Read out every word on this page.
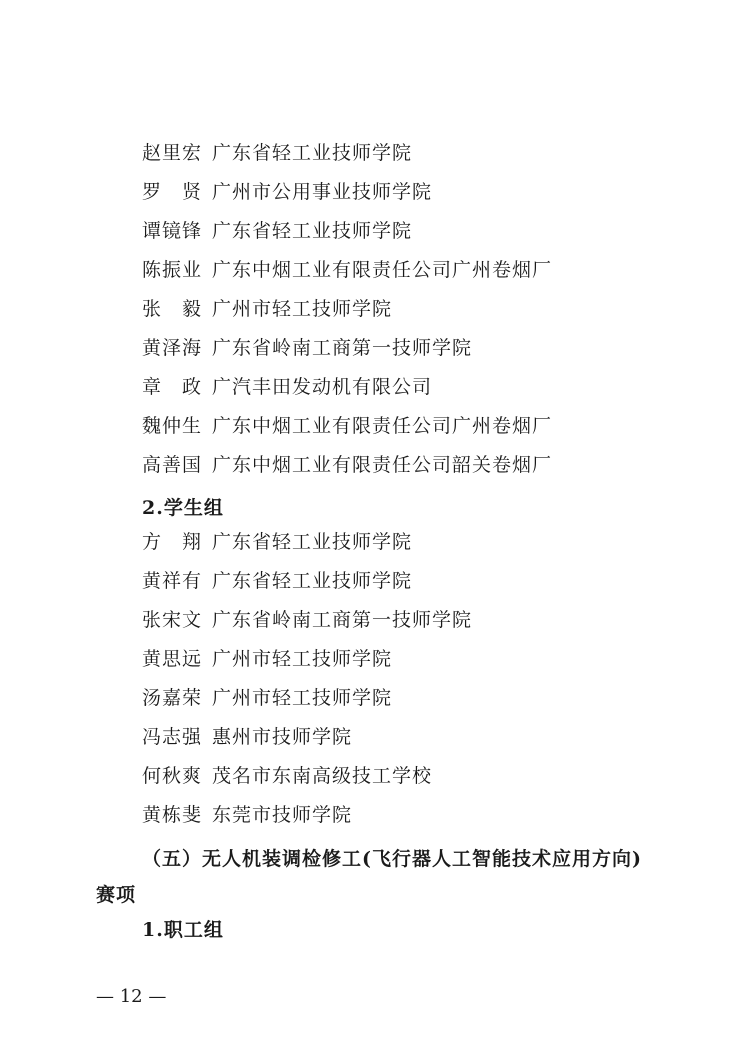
赵里宏 广东省轻工业技师学院
罗　贤 广州市公用事业技师学院
谭镜锋 广东省轻工业技师学院
陈振业 广东中烟工业有限责任公司广州卷烟厂
张　毅 广州市轻工技师学院
黄泽海 广东省岭南工商第一技师学院
章　政 广汽丰田发动机有限公司
魏仲生 广东中烟工业有限责任公司广州卷烟厂
高善国 广东中烟工业有限责任公司韶关卷烟厂
2.学生组
方　翔 广东省轻工业技师学院
黄祥有 广东省轻工业技师学院
张宋文 广东省岭南工商第一技师学院
黄思远 广州市轻工技师学院
汤嘉荣 广州市轻工技师学院
冯志强 惠州市技师学院
何秋爽 茂名市东南高级技工学校
黄栋斐 东莞市技师学院
（五）无人机装调检修工(飞行器人工智能技术应用方向)
赛项
1.职工组
— 12 —
